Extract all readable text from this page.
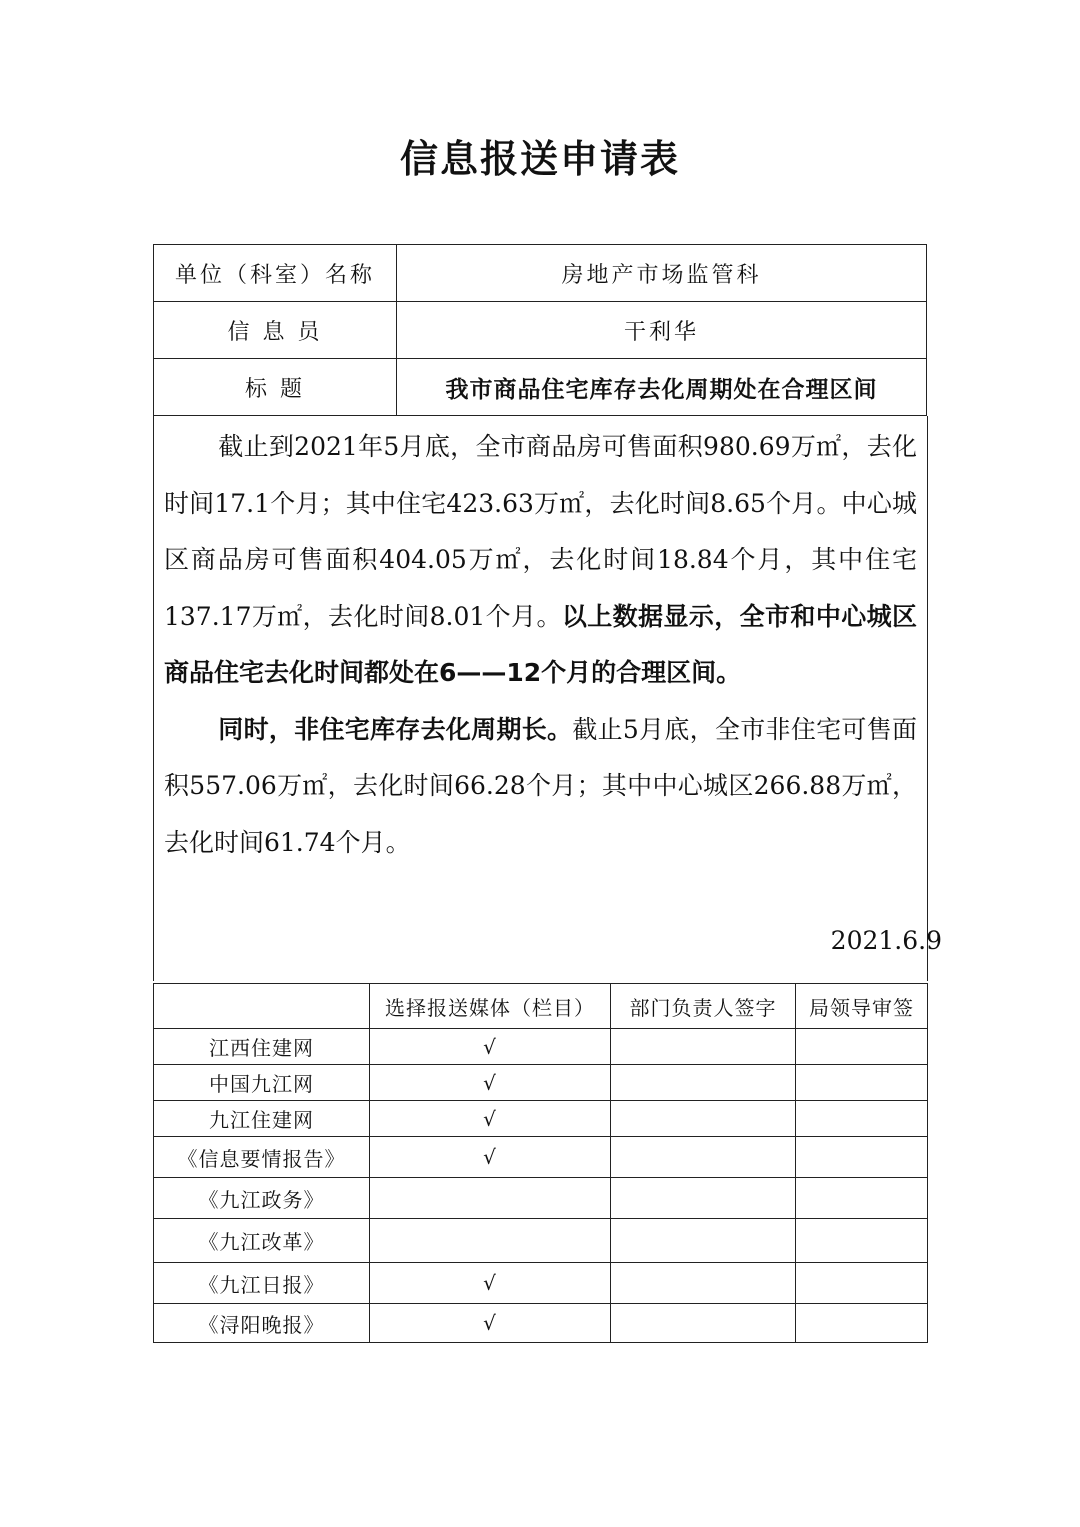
信息报送申请表
单位（科室）名称	房地产市场监管科
信 息 员	干利华
标 题	我市商品住宅库存去化周期处在合理区间

截止到2021年5月底，全市商品房可售面积980.69万㎡，去化时间17.1个月；其中住宅423.63万㎡，去化时间8.65个月。中心城区商品房可售面积404.05万㎡，去化时间18.84个月，其中住宅137.17万㎡，去化时间8.01个月。以上数据显示，全市和中心城区商品住宅去化时间都处在6——12个月的合理区间。

同时，非住宅库存去化周期长。截止5月底，全市非住宅可售面积557.06万㎡，去化时间66.28个月；其中中心城区266.88万㎡，去化时间61.74个月。

2021.6.9
	选择报送媒体（栏目）	部门负责人签字	局领导审签
江西住建网	√		
中国九江网	√		
九江住建网	√		
《信息要情报告》	√		
《九江政务》			
《九江改革》			
《九江日报》	√		
《浔阳晚报》	√		
